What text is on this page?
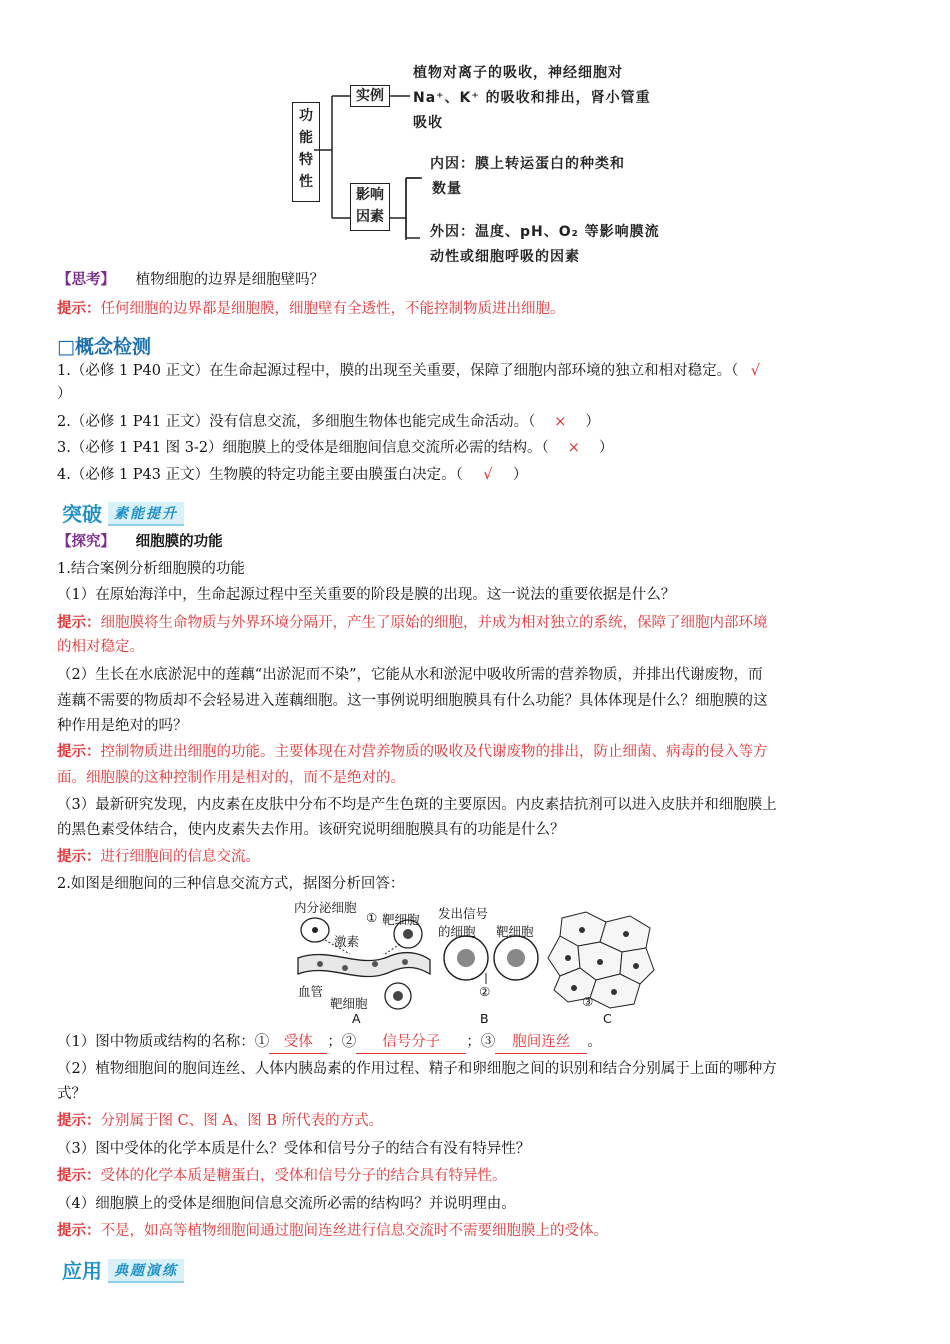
功能特性
实例
植物对离子的吸收，神经细胞对
Na⁺、K⁺ 的吸收和排出，肾小管重
吸收
影响因素
内因：膜上转运蛋白的种类和
数量
外因：温度、pH、O₂ 等影响膜流
动性或细胞呼吸的因素
【思考】 植物细胞的边界是细胞壁吗？
提示：任何细胞的边界都是细胞膜，细胞壁有全透性，不能控制物质进出细胞。
□概念检测
1.（必修 1 P40 正文）在生命起源过程中，膜的出现至关重要，保障了细胞内部环境的独立和相对稳定。（ √
）
2.（必修 1 P41 正文）没有信息交流，多细胞生物体也能完成生命活动。（ × ）
3.（必修 1 P41 图 3-2）细胞膜上的受体是细胞间信息交流所必需的结构。（ × ）
4.（必修 1 P43 正文）生物膜的特定功能主要由膜蛋白决定。（ √ ）
突破 素能提升
【探究】 细胞膜的功能
1.结合案例分析细胞膜的功能
（1）在原始海洋中，生命起源过程中至关重要的阶段是膜的出现。这一说法的重要依据是什么？
提示：细胞膜将生命物质与外界环境分隔开，产生了原始的细胞，并成为相对独立的系统，保障了细胞内部环境
的相对稳定。
（2）生长在水底淤泥中的莲藕“出淤泥而不染”，它能从水和淤泥中吸收所需的营养物质，并排出代谢废物，而
莲藕不需要的物质却不会轻易进入莲藕细胞。这一事例说明细胞膜具有什么功能？具体体现是什么？细胞膜的这
种作用是绝对的吗？
提示：控制物质进出细胞的功能。主要体现在对营养物质的吸收及代谢废物的排出，防止细菌、病毒的侵入等方
面。细胞膜的这种控制作用是相对的，而不是绝对的。
（3）最新研究发现，内皮素在皮肤中分布不均是产生色斑的主要原因。内皮素拮抗剂可以进入皮肤并和细胞膜上
的黑色素受体结合，使内皮素失去作用。该研究说明细胞膜具有的功能是什么？
提示：进行细胞间的信息交流。
2.如图是细胞间的三种信息交流方式，据图分析回答：
内分泌细胞
① 靶细胞
激素
血管
靶细胞
发出信号
的细胞 靶细胞
②
③
A	B	C
（1）图中物质或结构的名称：① 受体 ；② 信号分子 ；③ 胞间连丝 。
（2）植物细胞间的胞间连丝、人体内胰岛素的作用过程、精子和卵细胞之间的识别和结合分别属于上面的哪种方
式？
提示：分别属于图 C、图 A、图 B 所代表的方式。
（3）图中受体的化学本质是什么？受体和信号分子的结合有没有特异性？
提示：受体的化学本质是糖蛋白，受体和信号分子的结合具有特异性。
（4）细胞膜上的受体是细胞间信息交流所必需的结构吗？并说明理由。
提示：不是，如高等植物细胞间通过胞间连丝进行信息交流时不需要细胞膜上的受体。
应用 典题演练
